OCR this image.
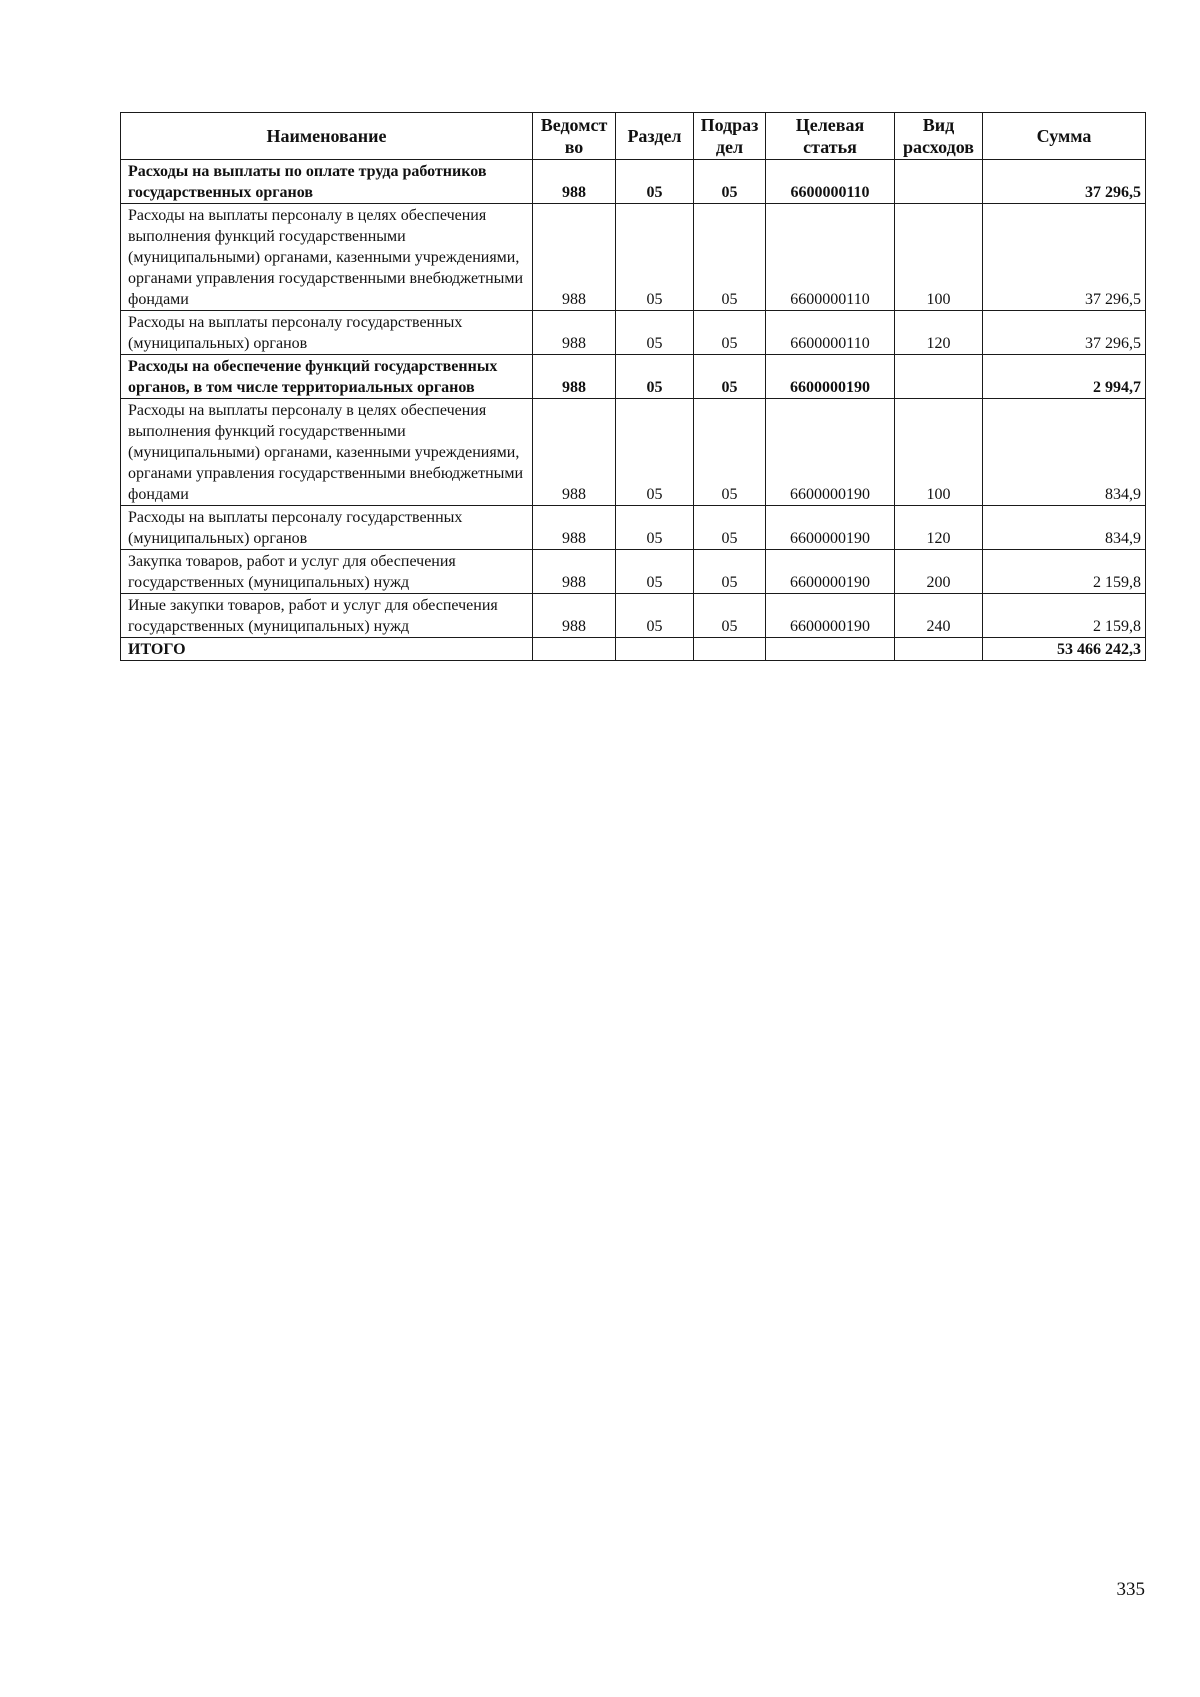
Наименование	Ведомст во	Раздел	Подраз дел	Целевая статья	Вид расходов	Сумма
Расходы на выплаты по оплате труда работников государственных органов	988	05	05	6600000110		37 296,5
Расходы на выплаты персоналу в целях обеспечения выполнения функций государственными (муниципальными) органами, казенными учреждениями, органами управления государственными внебюджетными фондами	988	05	05	6600000110	100	37 296,5
Расходы на выплаты персоналу государственных (муниципальных) органов	988	05	05	6600000110	120	37 296,5
Расходы на обеспечение функций государственных органов, в том числе территориальных органов	988	05	05	6600000190		2 994,7
Расходы на выплаты персоналу в целях обеспечения выполнения функций государственными (муниципальными) органами, казенными учреждениями, органами управления государственными внебюджетными фондами	988	05	05	6600000190	100	834,9
Расходы на выплаты персоналу государственных (муниципальных) органов	988	05	05	6600000190	120	834,9
Закупка товаров, работ и услуг для обеспечения государственных (муниципальных) нужд	988	05	05	6600000190	200	2 159,8
Иные закупки товаров, работ и услуг для обеспечения государственных (муниципальных) нужд	988	05	05	6600000190	240	2 159,8
ИТОГО						53 466 242,3
335
